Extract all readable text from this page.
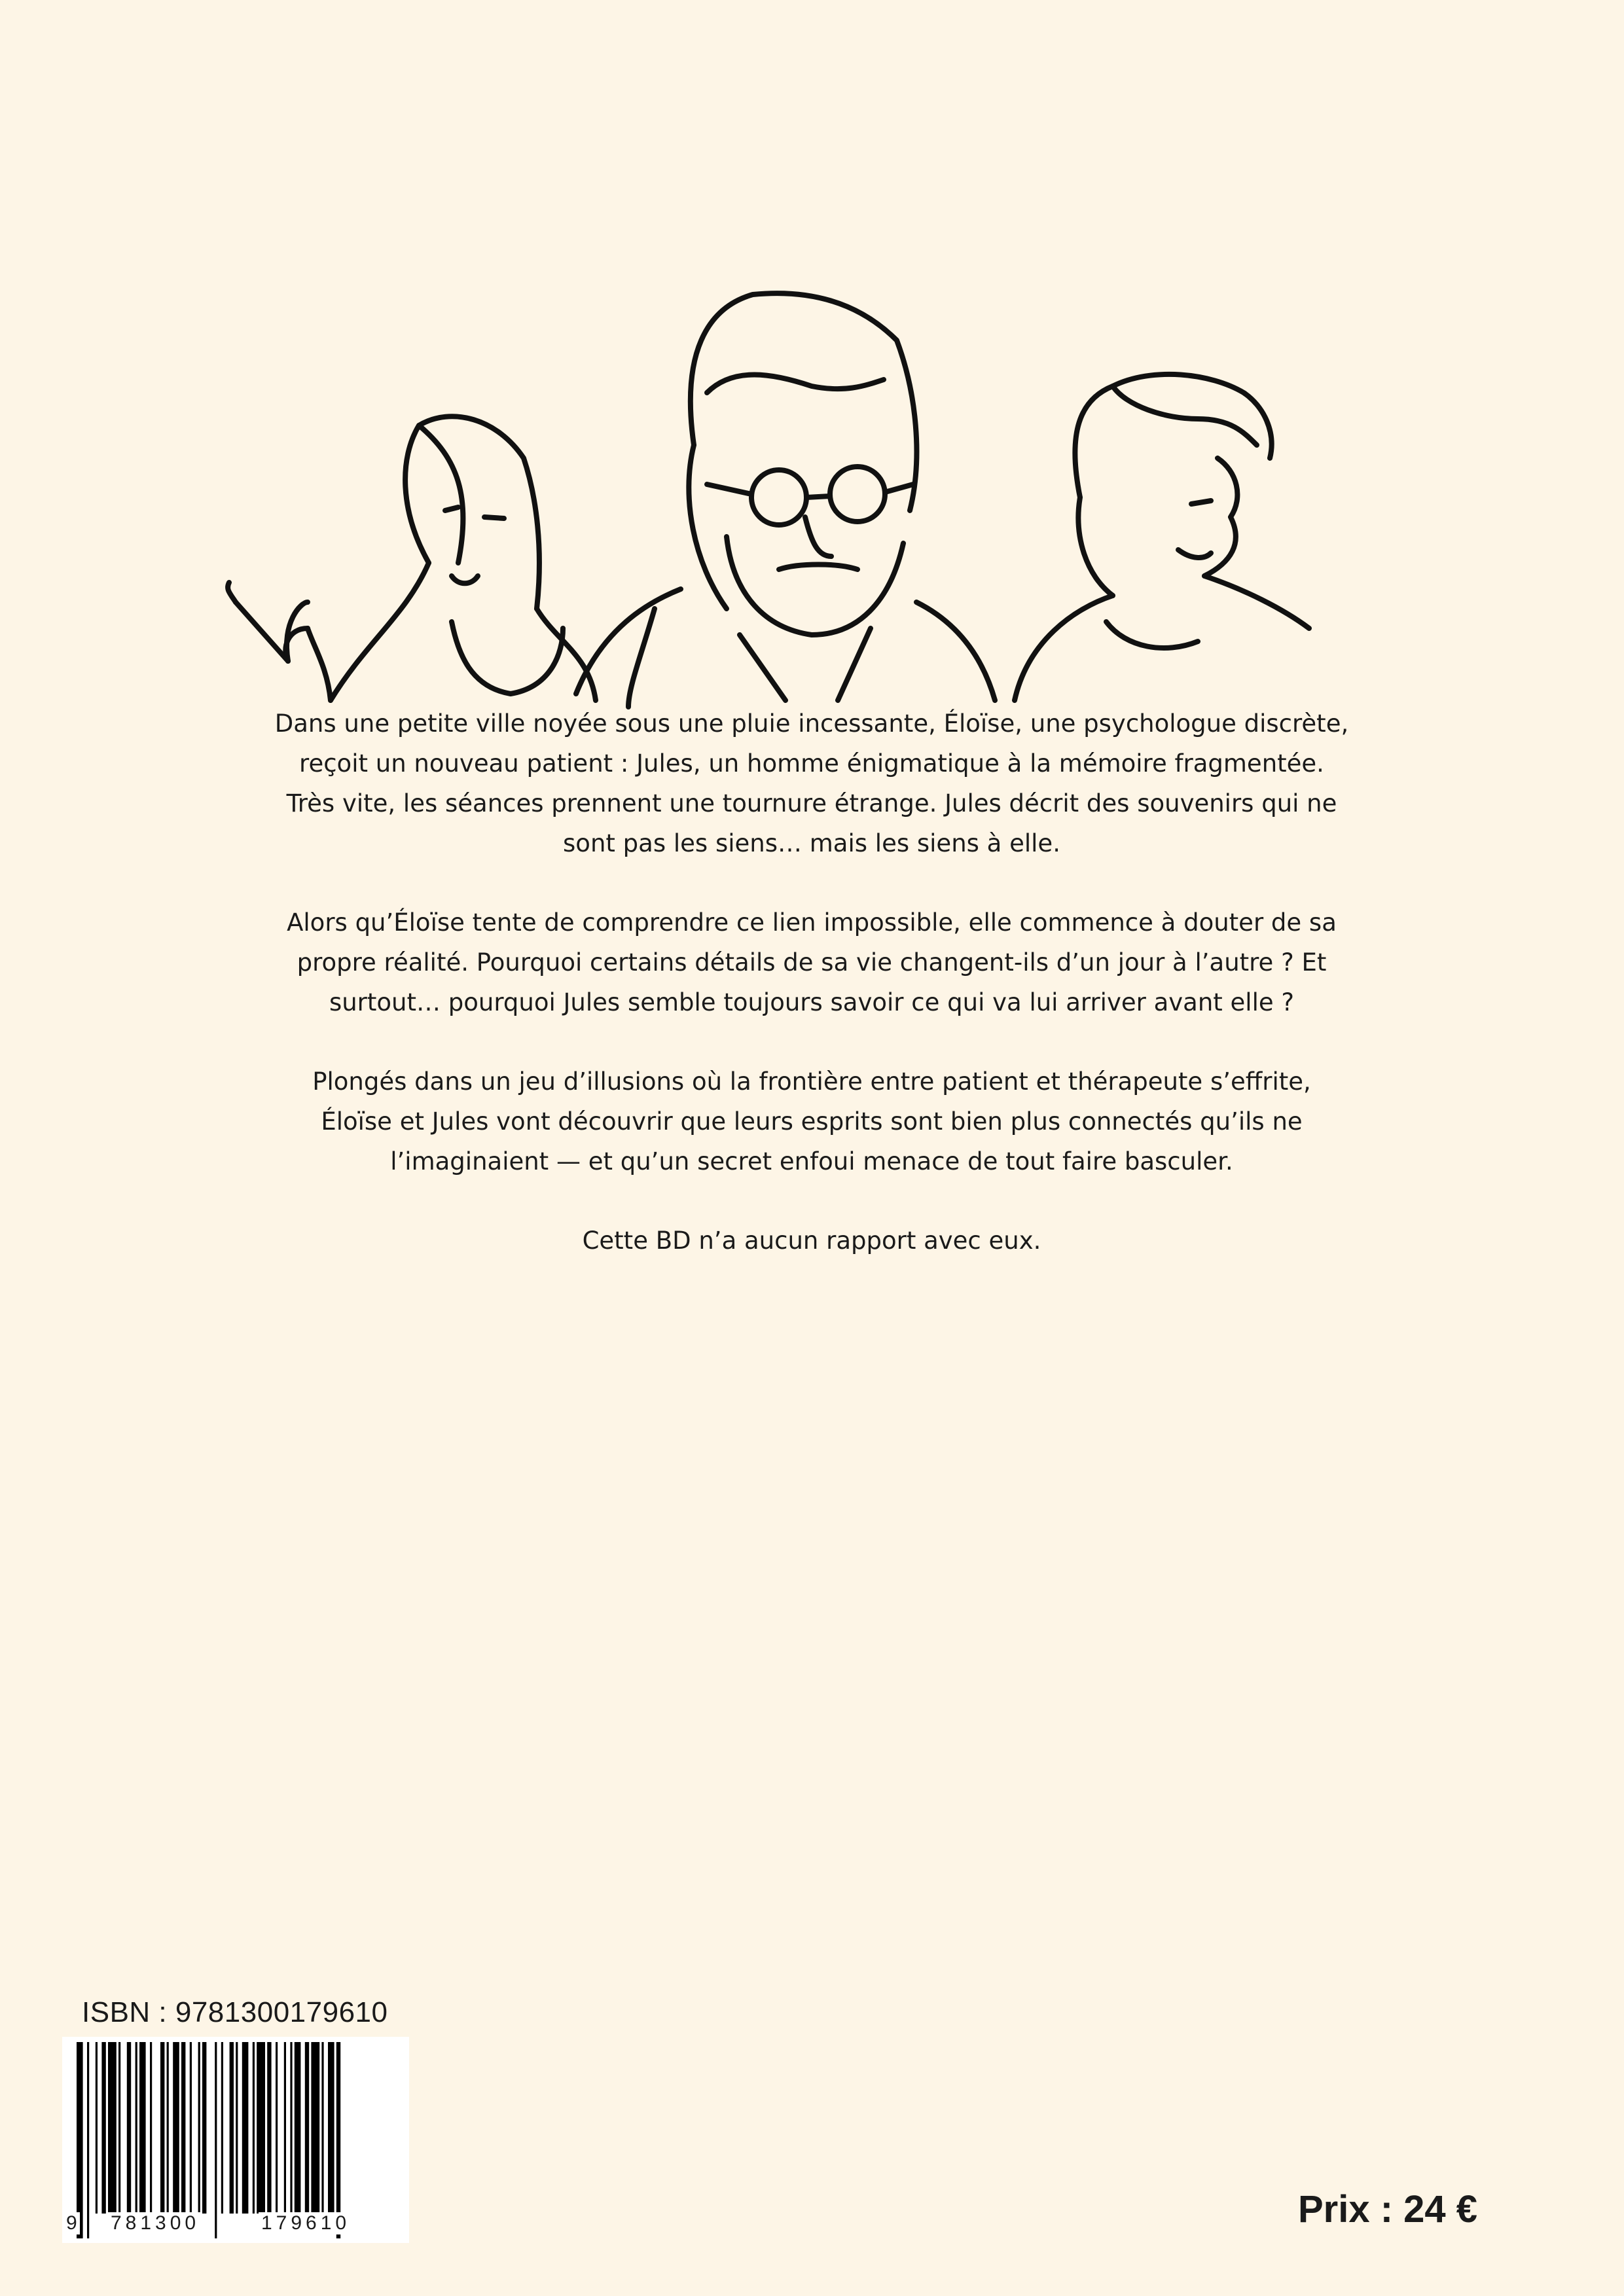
Dans une petite ville noyée sous une pluie incessante, Éloïse, une psychologue discrète,
reçoit un nouveau patient : Jules, un homme énigmatique à la mémoire fragmentée.
Très vite, les séances prennent une tournure étrange. Jules décrit des souvenirs qui ne
sont pas les siens… mais les siens à elle.

Alors qu’Éloïse tente de comprendre ce lien impossible, elle commence à douter de sa
propre réalité. Pourquoi certains détails de sa vie changent-ils d’un jour à l’autre ? Et
surtout… pourquoi Jules semble toujours savoir ce qui va lui arriver avant elle ?

Plongés dans un jeu d’illusions où la frontière entre patient et thérapeute s’effrite,
Éloïse et Jules vont découvrir que leurs esprits sont bien plus connectés qu’ils ne
l’imaginaient — et qu’un secret enfoui menace de tout faire basculer.

Cette BD n’a aucun rapport avec eux.

ISBN : 9781300179610
9 781300	179610	Prix : 24 €
